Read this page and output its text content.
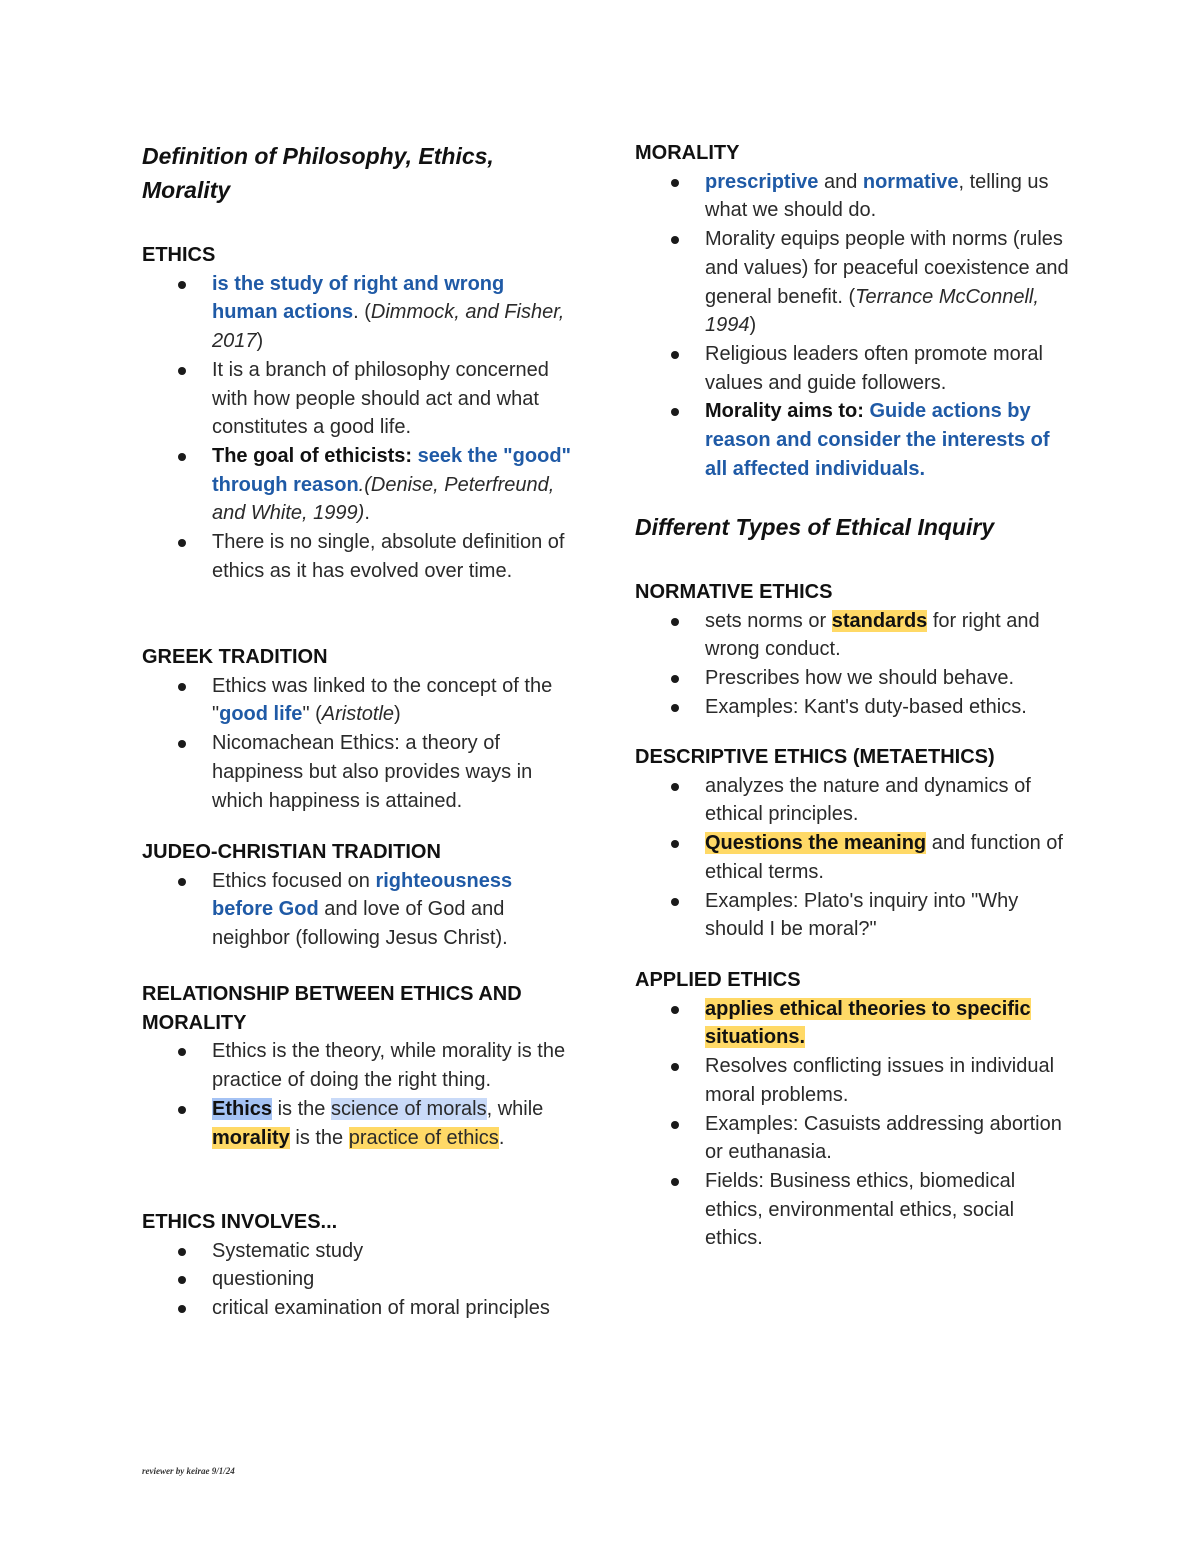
Definition of Philosophy, Ethics, Morality

ETHICS

is the study of right and wrong human actions. (Dimmock, and Fisher, 2017)
It is a branch of philosophy concerned with how people should act and what constitutes a good life.
The goal of ethicists: seek the "good" through reason.(Denise, Peterfreund, and White, 1999).
There is no single, absolute definition of ethics as it has evolved over time.

GREEK TRADITION

Ethics was linked to the concept of the "good life" (Aristotle)
Nicomachean Ethics: a theory of happiness but also provides ways in which happiness is attained.

JUDEO-CHRISTIAN TRADITION

Ethics focused on righteousness before God and love of God and neighbor (following Jesus Christ).

RELATIONSHIP BETWEEN ETHICS AND MORALITY

Ethics is the theory, while morality is the practice of doing the right thing.
Ethics is the science of morals, while morality is the practice of ethics.

ETHICS INVOLVES...

Systematic study
questioning
critical examination of moral principles

MORALITY

prescriptive and normative, telling us what we should do.
Morality equips people with norms (rules and values) for peaceful coexistence and general benefit. (Terrance McConnell, 1994)
Religious leaders often promote moral values and guide followers.
Morality aims to: Guide actions by reason and consider the interests of all affected individuals.
Different Types of Ethical Inquiry

NORMATIVE ETHICS

sets norms or standards for right and wrong conduct.
Prescribes how we should behave.
Examples: Kant's duty-based ethics.

DESCRIPTIVE ETHICS (METAETHICS)

analyzes the nature and dynamics of ethical principles.
Questions the meaning and function of ethical terms.
Examples: Plato's inquiry into "Why should I be moral?"

APPLIED ETHICS

applies ethical theories to specific situations.
Resolves conflicting issues in individual moral problems.
Examples: Casuists addressing abortion or euthanasia.
Fields: Business ethics, biomedical ethics, environmental ethics, social ethics.
reviewer by keirae 9/1/24
